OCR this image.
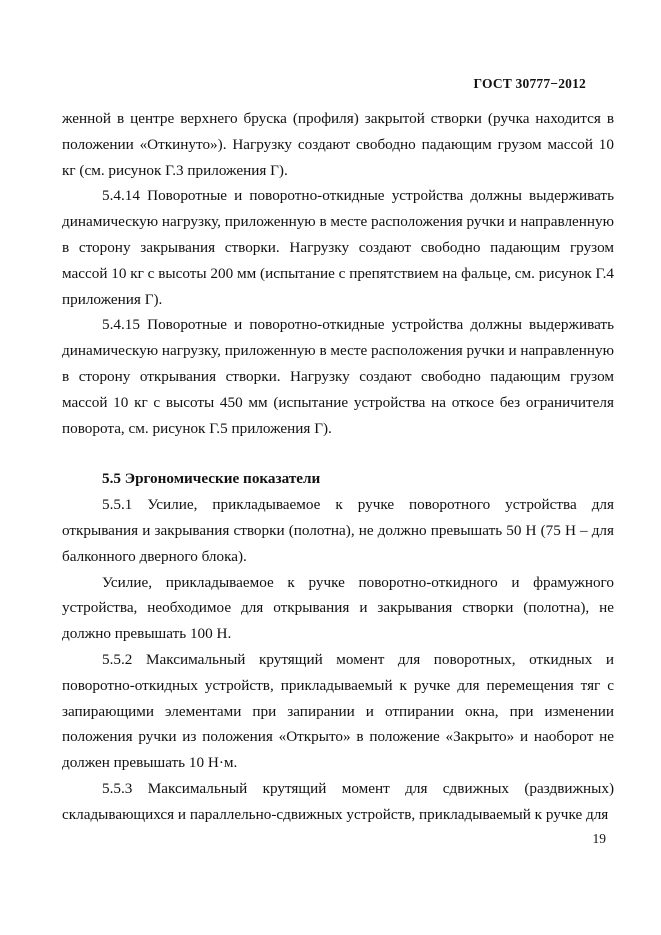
ГОСТ 30777−2012

женной в центре верхнего бруска (профиля) закрытой створки (ручка находится в положении «Откинуто»). Нагрузку создают свободно падающим грузом массой 10 кг (см. рисунок Г.3 приложения Г).

5.4.14 Поворотные и поворотно-откидные устройства должны выдерживать динамическую нагрузку, приложенную в месте расположения ручки и направленную в сторону закрывания створки. Нагрузку создают свободно падающим грузом массой 10 кг с высоты 200 мм (испытание с препятствием на фальце, см. рисунок Г.4 приложения Г).

5.4.15 Поворотные и поворотно-откидные устройства должны выдерживать динамическую нагрузку, приложенную в месте расположения ручки и направленную в сторону открывания створки. Нагрузку создают свободно падающим грузом массой 10 кг с высоты 450 мм (испытание устройства на откосе без ограничителя поворота, см. рисунок Г.5 приложения Г).

5.5 Эргономические показатели

5.5.1 Усилие, прикладываемое к ручке поворотного устройства для открывания и закрывания створки (полотна), не должно превышать 50 Н (75 Н – для балконного дверного блока).

Усилие, прикладываемое к ручке поворотно-откидного и фрамужного устройства, необходимое для открывания и закрывания створки (полотна), не должно превышать 100 Н.

5.5.2 Максимальный крутящий момент для поворотных, откидных и поворотно-откидных устройств, прикладываемый к ручке для перемещения тяг с запирающими элементами при запирании и отпирании окна, при изменении положения ручки из положения «Открыто» в положение «Закрыто» и наоборот не должен превышать 10 Н·м.

5.5.3 Максимальный крутящий момент для сдвижных (раздвижных) складывающихся и параллельно-сдвижных устройств, прикладываемый к ручке для

19
